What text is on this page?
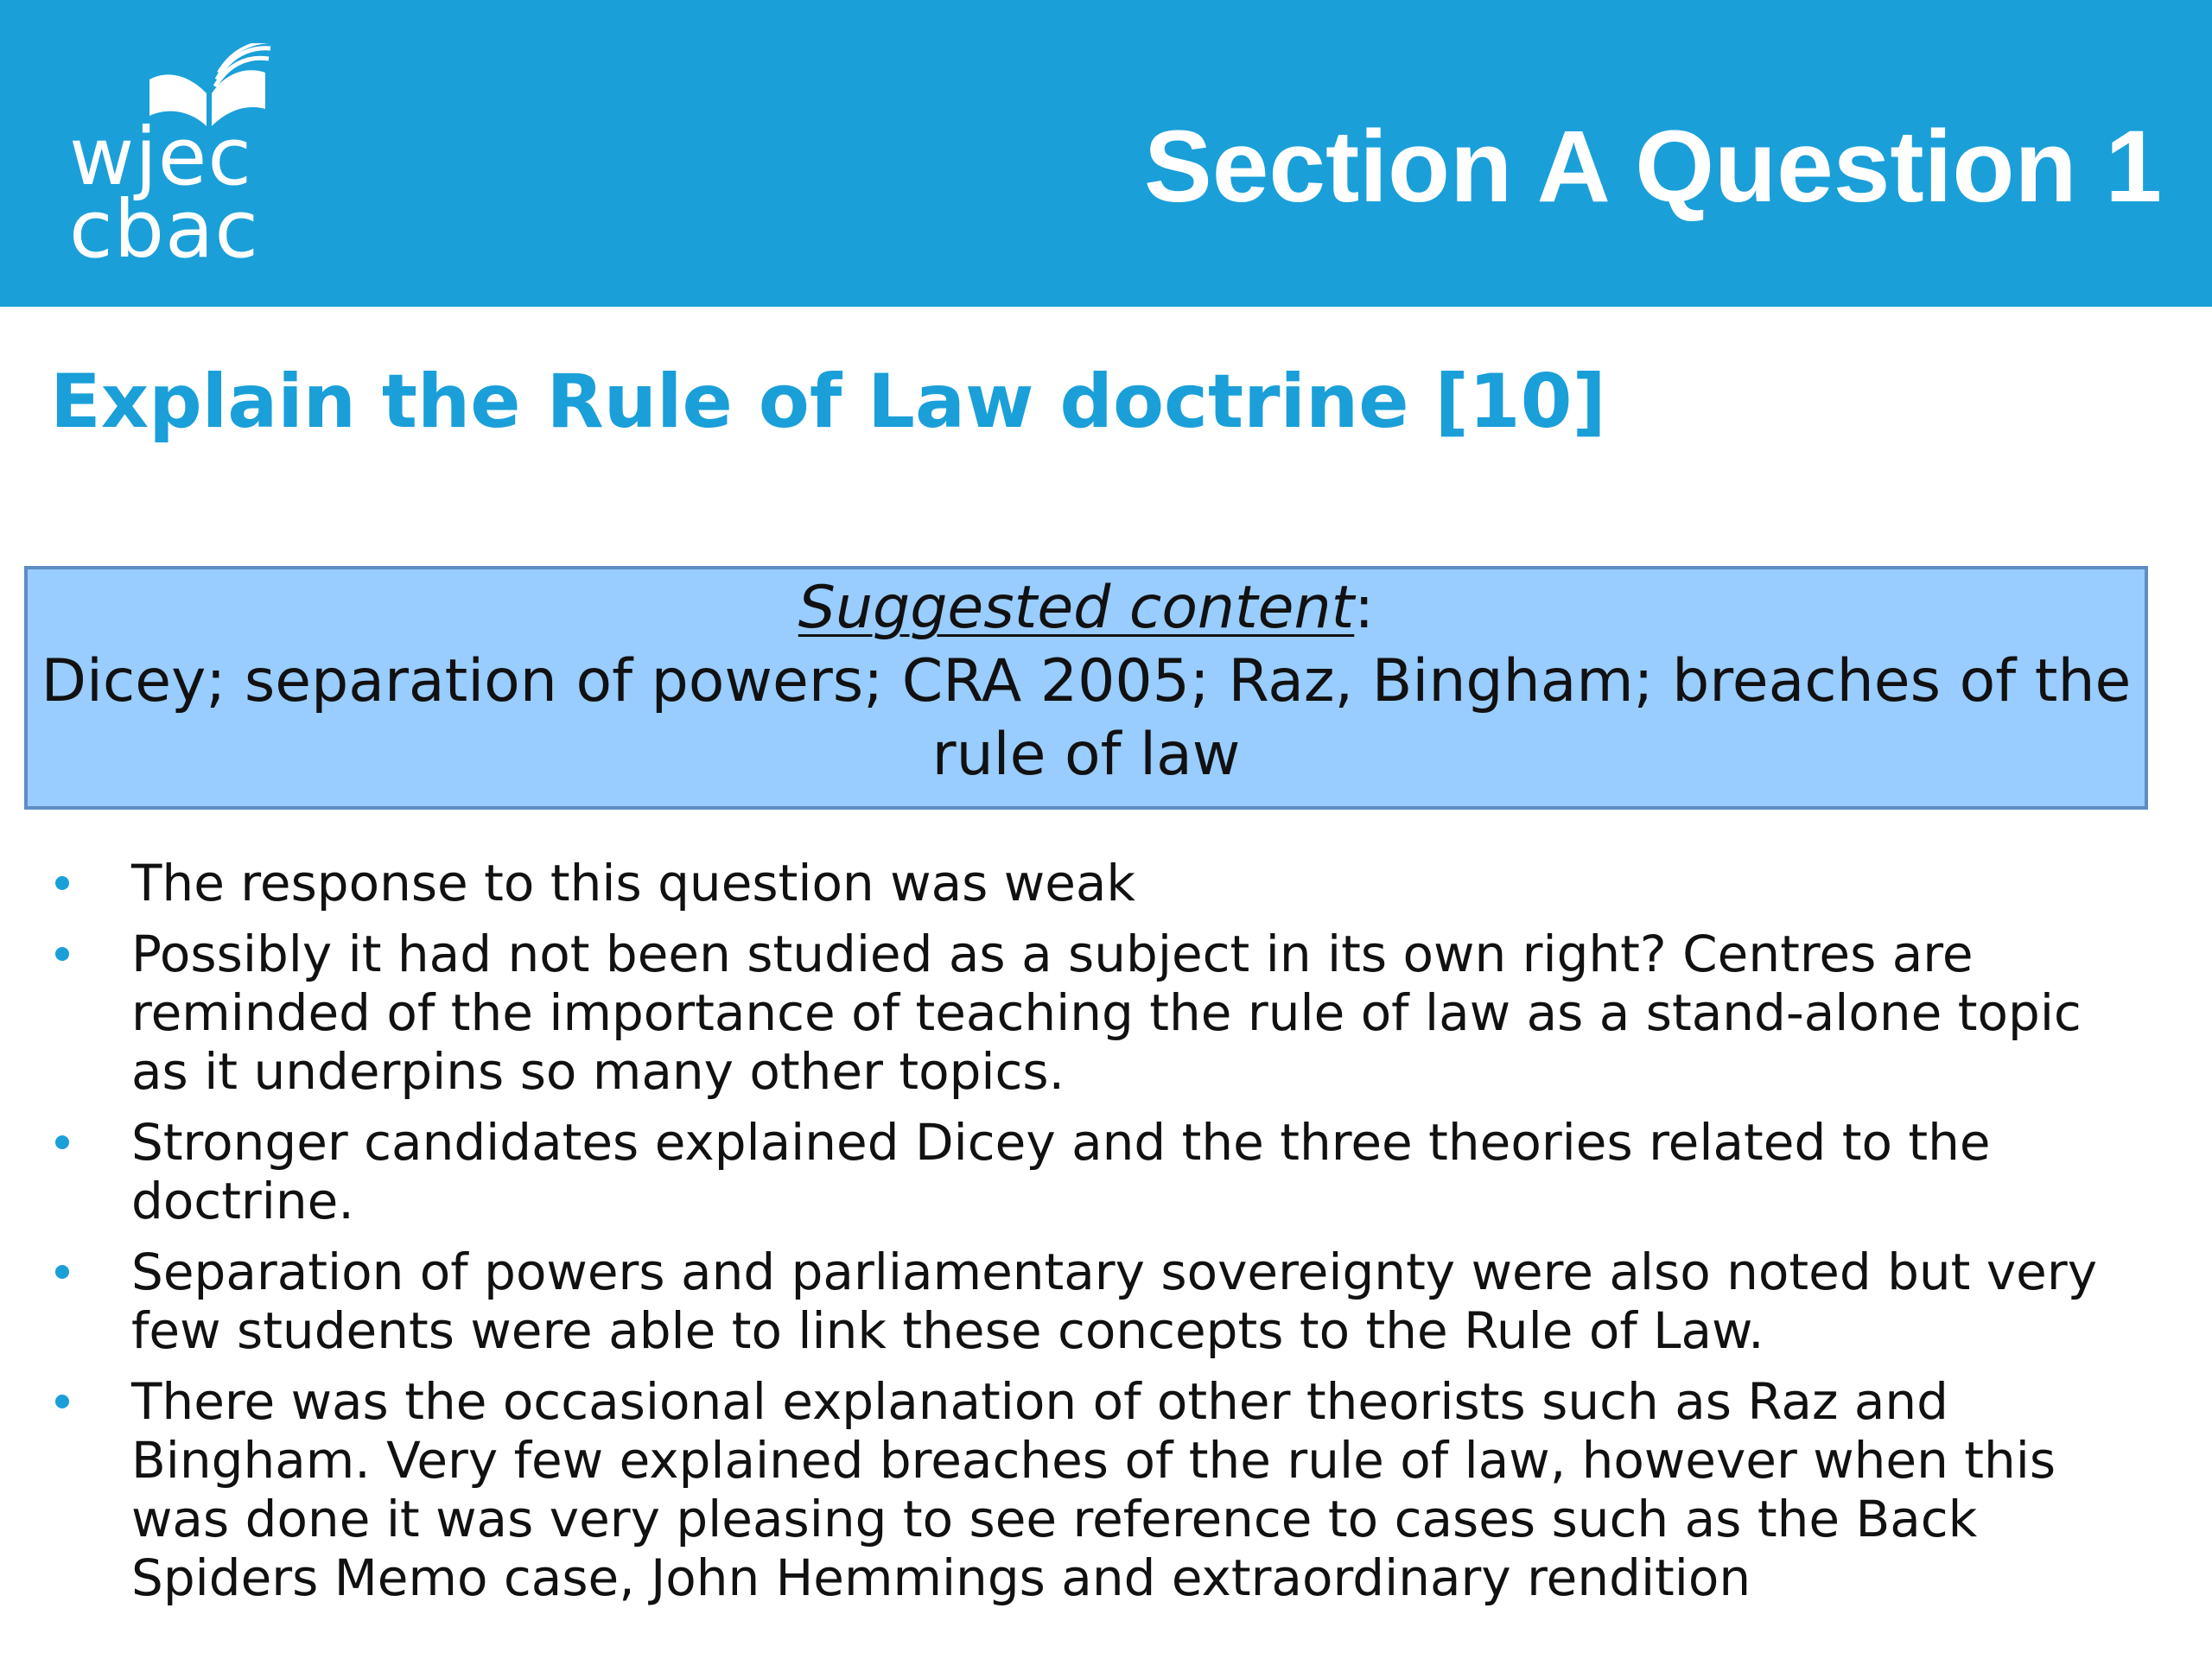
wjec
cbac
Section A Question 1
Explain the Rule of Law doctrine [10]
Suggested content:
Dicey; separation of powers; CRA 2005; Raz, Bingham; breaches of the rule of law
The response to this question was weak
Possibly it had not been studied as a subject in its own right? Centres are reminded of the importance of teaching the rule of law as a stand-alone topic as it underpins so many other topics.
Stronger candidates explained Dicey and the three theories related to the doctrine.
Separation of powers and parliamentary sovereignty were also noted but very few students were able to link these concepts to the Rule of Law.
There was the occasional explanation of other theorists such as Raz and Bingham. Very few explained breaches of the rule of law, however when this was done it was very pleasing to see reference to cases such as the Back Spiders Memo case, John Hemmings and extraordinary rendition
